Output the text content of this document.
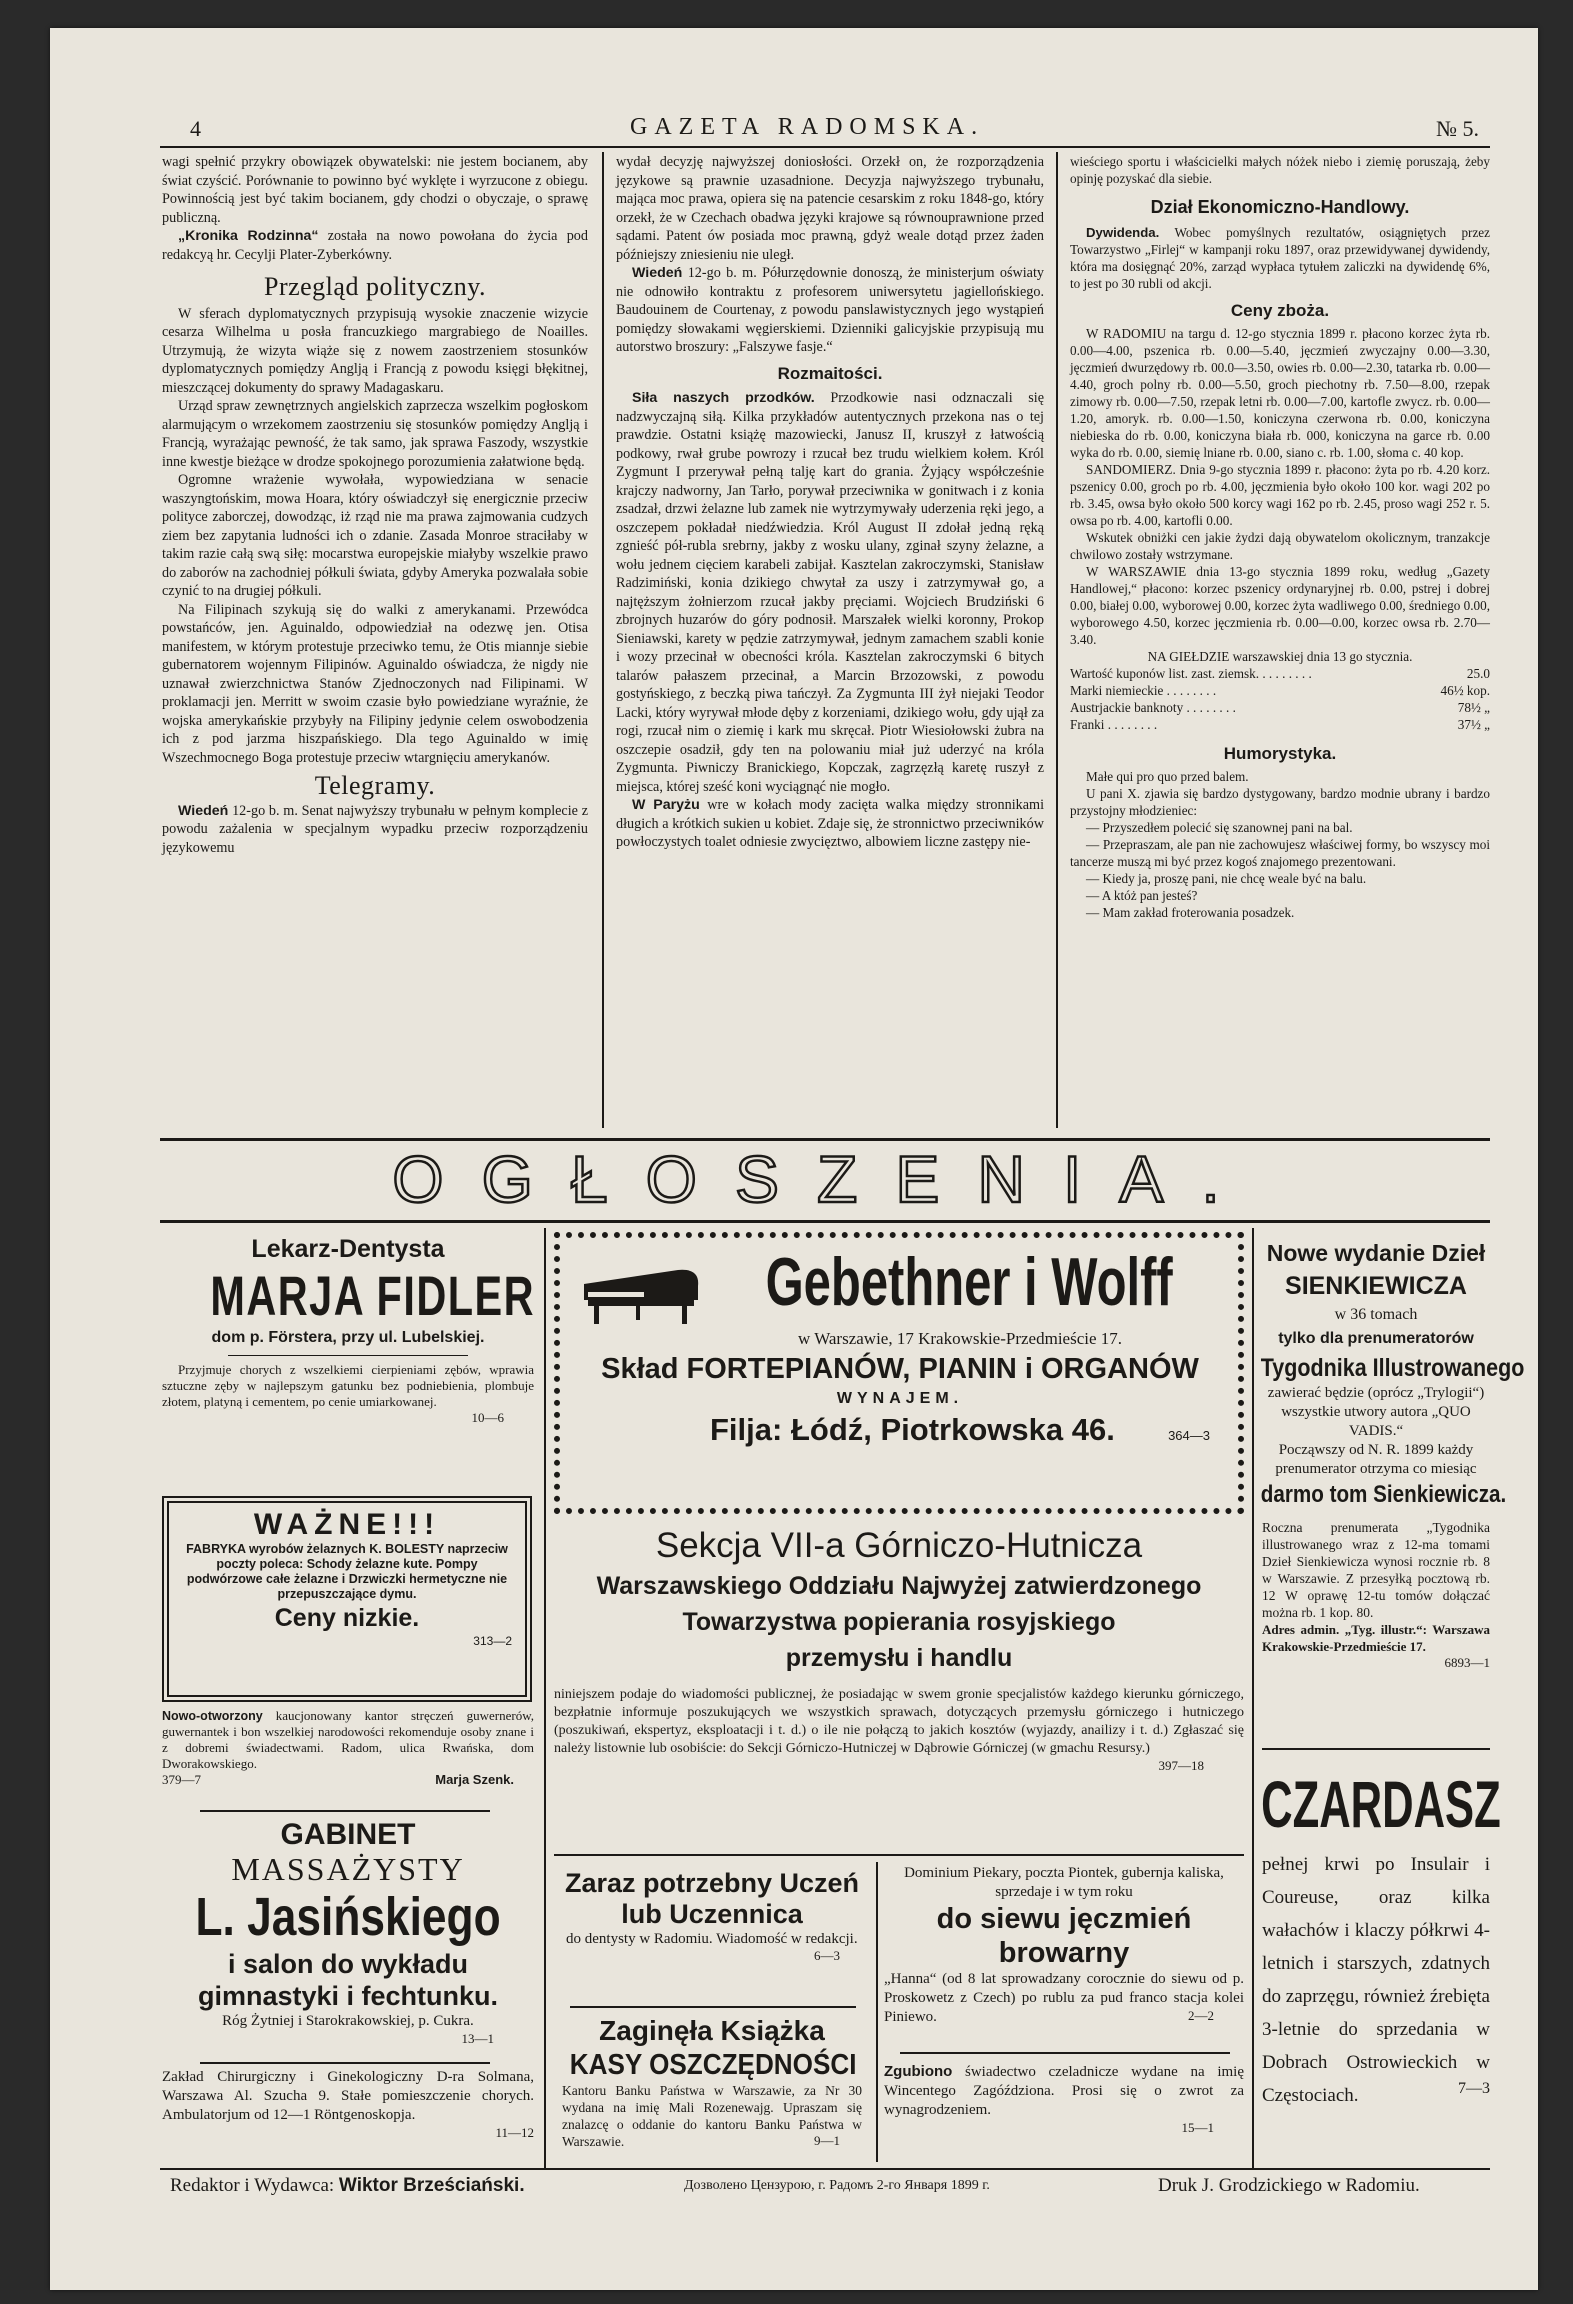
4	GAZETA RADOMSKA.	№ 5.

wagi spełnić przykry obowiązek obywatelski: nie jestem bocianem, aby świat czyścić. Porównanie to powinno być wyklęte i wyrzucone z obiegu. Powinnością jest być takim bocianem, gdy chodzi o obyczaje, o sprawę publiczną.

„Kronika Rodzinna“ została na nowo powołana do życia pod redakcyą hr. Cecylji Plater-Zyberkówny.

Przegląd polityczny.

W sferach dyplomatycznych przypisują wysokie znaczenie wizycie cesarza Wilhelma u posła francuzkiego margrabiego de Noailles. Utrzymują, że wizyta wiąże się z nowem zaostrzeniem stosunków dyplomatycznych pomiędzy Anglją i Francją z powodu księgi błękitnej, mieszczącej dokumenty do sprawy Madagaskaru.

Urząd spraw zewnętrznych angielskich zaprzecza wszelkim pogłoskom alarmującym o wrzekomem zaostrzeniu się stosunków pomiędzy Anglją i Francją, wyrażając pewność, że tak samo, jak sprawa Faszody, wszystkie inne kwestje bieżące w drodze spokojnego porozumienia załatwione będą.

Ogromne wrażenie wywołała, wypowiedziana w senacie waszyngtońskim, mowa Hoara, który oświadczył się energicznie przeciw polityce zaborczej, dowodząc, iż rząd nie ma prawa zajmowania cudzych ziem bez zapytania ludności ich o zdanie. Zasada Monroe straciłaby w takim razie całą swą siłę: mocarstwa europejskie miałyby wszelkie prawo do zaborów na zachodniej półkuli świata, gdyby Ameryka pozwalała sobie czynić to na drugiej półkuli.

Na Filipinach szykują się do walki z amerykanami. Przewódca powstańców, jen. Aguinaldo, odpowiedział na odezwę jen. Otisa manifestem, w którym protestuje przeciwko temu, że Otis miannje siebie gubernatorem wojennym Filipinów. Aguinaldo oświadcza, że nigdy nie uznawał zwierzchnictwa Stanów Zjednoczonych nad Filipinami. W proklamacji jen. Merritt w swoim czasie było powiedziane wyraźnie, że wojska amerykańskie przybyły na Filipiny jedynie celem oswobodzenia ich z pod jarzma hiszpańskiego. Dla tego Aguinaldo w imię Wszechmocnego Boga protestuje przeciw wtargnięciu amerykanów.

Telegramy.

Wiedeń 12-go b. m. Senat najwyższy trybunału w pełnym komplecie z powodu zażalenia w specjalnym wypadku przeciw rozporządzeniu językowemu

wydał decyzję najwyższej doniosłości. Orzekł on, że rozporządzenia językowe są prawnie uzasadnione. Decyzja najwyższego trybunału, mająca moc prawa, opiera się na patencie cesarskim z roku 1848-go, który orzekł, że w Czechach obadwa języki krajowe są równouprawnione przed sądami. Patent ów posiada moc prawną, gdyż weale dotąd przez żaden późniejszy zniesieniu nie uległ.

Wiedeń 12-go b. m. Półurzędownie donoszą, że ministerjum oświaty nie odnowiło kontraktu z profesorem uniwersytetu jagiellońskiego. Baudouinem de Courtenay, z powodu panslawistycznych jego wystąpień pomiędzy słowakami węgierskiemi. Dzienniki galicyjskie przypisują mu autorstwo broszury: „Falszywe fasje.“

Rozmaitości.

Siła naszych przodków. Przodkowie nasi odznaczali się nadzwyczajną siłą. Kilka przykładów autentycznych przekona nas o tej prawdzie. Ostatni książę mazowiecki, Janusz II, kruszył z łatwością podkowy, rwał grube powrozy i rzucał bez trudu wielkiem kołem. Król Zygmunt I przerywał pełną talję kart do grania. Żyjący współcześnie krajczy nadworny, Jan Tarło, porywał przeciwnika w gonitwach i z konia zsadzał, drzwi żelazne lub zamek nie wytrzymywały uderzenia ręki jego, a oszczepem pokładał niedźwiedzia. Król August II zdołał jedną ręką zgnieść pół-rubla srebrny, jakby z wosku ulany, zginał szyny żelazne, a wołu jednem cięciem karabeli zabijał. Kasztelan zakroczymski, Stanisław Radzimiński, konia dzikiego chwytał za uszy i zatrzymywał go, a najtęższym żołnierzom rzucał jakby pręciami. Wojciech Brudziński 6 zbrojnych huzarów do góry podnosił. Marszałek wielki koronny, Prokop Sieniawski, karety w pędzie zatrzymywał, jednym zamachem szabli konie i wozy przecinał w obecności króla. Kasztelan zakroczymski 6 bitych talarów pałaszem przecinał, a Marcin Brzozowski, z powodu gostyńskiego, z beczką piwa tańczył. Za Zygmunta III żył niejaki Teodor Lacki, który wyrywał młode dęby z korzeniami, dzikiego wołu, gdy ujął za rogi, rzucał nim o ziemię i kark mu skręcał. Piotr Wiesiołowski żubra na oszczepie osadził, gdy ten na polowaniu miał już uderzyć na króla Zygmunta. Piwniczy Branickiego, Kopczak, zagrzęzłą karetę ruszył z miejsca, której sześć koni wyciągnąć nie mogło.

W Paryżu wre w kołach mody zacięta walka między stronnikami długich a krótkich sukien u kobiet. Zdaje się, że stronnictwo przeciwników powłoczystych toalet odniesie zwycięztwo, albowiem liczne zastępy nie-

wieściego sportu i właścicielki małych nóżek niebo i ziemię poruszają, żeby opinję pozyskać dla siebie.

Dział Ekonomiczno-Handlowy.

Dywidenda. Wobec pomyślnych rezultatów, osiągniętych przez Towarzystwo „Firlej“ w kampanji roku 1897, oraz przewidywanej dywidendy, która ma dosięgnąć 20%, zarząd wypłaca tytułem zaliczki na dywidendę 6%, to jest po 30 rubli od akcji.

Ceny zboża.

W RADOMIU na targu d. 12-go stycznia 1899 r. płacono korzec żyta rb. 0.00—4.00, pszenica rb. 0.00—5.40, jęczmień zwyczajny 0.00—3.30, jęczmień dwurzędowy rb. 00.0—3.50, owies rb. 0.00—2.30, tatarka rb. 0.00—4.40, groch polny rb. 0.00—5.50, groch piechotny rb. 7.50—8.00, rzepak zimowy rb. 0.00—7.50, rzepak letni rb. 0.00—7.00, kartofle zwycz. rb. 0.00—1.20, amoryk. rb. 0.00—1.50, koniczyna czerwona rb. 0.00, koniczyna niebieska do rb. 0.00, koniczyna biała rb. 000, koniczyna na garce rb. 0.00 wyka do rb. 0.00, siemię lniane rb. 0.00, siano c. rb. 1.00, słoma c. 40 kop.

SANDOMIERZ. Dnia 9-go stycznia 1899 r. płacono: żyta po rb. 4.20 korz. pszenicy 0.00, groch po rb. 4.00, jęczmienia było około 100 kor. wagi 202 po rb. 3.45, owsa było około 500 korcy wagi 162 po rb. 2.45, proso wagi 252 r. 5. owsa po rb. 4.00, kartofli 0.00.

Wskutek obniżki cen jakie żydzi dają obywatelom okolicznym, tranzakcje chwilowo zostały wstrzymane.

W WARSZAWIE dnia 13-go stycznia 1899 roku, według „Gazety Handlowej,“ płacono: korzec pszenicy ordynaryjnej rb. 0.00, pstrej i dobrej 0.00, białej 0.00, wyborowej 0.00, korzec żyta wadliwego 0.00, średniego 0.00, wyborowego 4.50, korzec jęczmienia rb. 0.00—0.00, korzec owsa rb. 2.70—3.40.

NA GIEŁDZIE warszawskiej dnia 13 go stycznia.

Wartość kuponów list. zast. ziemsk. . . . . . . . .	25.0
Marki niemieckie . . . . . . . .	46½ kop.
Austrjackie banknoty . . . . . . . .	78½ „
Franki . . . . . . . .	37½ „
Humorystyka.

Małe qui pro quo przed balem.

U pani X. zjawia się bardzo dystygowany, bardzo modnie ubrany i bardzo przystojny młodzieniec:

— Przyszedłem polecić się szanownej pani na bal.

— Przepraszam, ale pan nie zachowujesz właściwej formy, bo wszyscy moi tancerze muszą mi być przez kogoś znajomego prezentowani.

— Kiedy ja, proszę pani, nie chcę weale być na balu.

— A któż pan jesteś?

— Mam zakład froterowania posadzek.

OGŁOSZENIA.

Lekarz-Dentysta

MARJA FIDLER

dom p. Förstera, przy ul. Lubelskiej.

Przyjmuje chorych z wszelkiemi cierpieniami zębów, wprawia sztuczne zęby w najlepszym gatunku bez podniebienia, plombuje złotem, platyną i cementem, po cenie umiarkowanej.

10—6

WAŻNE!!!

FABRYKA wyrobów żelaznych K. BOLESTY naprzeciw poczty poleca: Schody żelazne kute. Pompy podwórzowe całe żelazne i Drzwiczki hermetyczne nie przepuszczające dymu.

Ceny nizkie.

313—2

Nowo-otworzony kaucjonowany kantor stręczeń guwernerów, guwernantek i bon wszelkiej narodowości rekomenduje osoby znane i z dobremi świadectwami. Radom, ulica Rwańska, dom Dworakowskiego.

379—7	Marja Szenk.

GABINET

MASSAŻYSTY

L. Jasińskiego

i salon do wykładu gimnastyki i fechtunku.

Róg Żytniej i Starokrakowskiej, p. Cukra.

13—1

Zakład Chirurgiczny i Ginekologiczny D-ra Solmana, Warszawa Al. Szucha 9. Stałe pomieszczenie chorych. Ambulatorjum od 12—1 Röntgenoskopja.

11—12

Gebethner i Wolff

w Warszawie, 17 Krakowskie-Przedmieście 17.

Skład FORTEPIANÓW, PIANIN i ORGANÓW

WYNAJEM.

Filja: Łódź, Piotrkowska 46.	364—3

Sekcja VII-a Górniczo-Hutnicza

Warszawskiego Oddziału Najwyżej zatwierdzonego

Towarzystwa popierania rosyjskiego

przemysłu i handlu

niniejszem podaje do wiadomości publicznej, że posiadając w swem gronie specjalistów każdego kierunku górniczego, bezpłatnie informuje poszukujących we wszystkich sprawach, dotyczących przemysłu górniczego i hutniczego (poszukiwań, ekspertyz, eksploatacji i t. d.) o ile nie połączą to jakich kosztów (wyjazdy, anailizy i t. d.) Zgłaszać się należy listownie lub osobiście: do Sekcji Górniczo-Hutniczej w Dąbrowie Górniczej (w gmachu Resursy.)

397—18

Zaraz potrzebny Uczeń lub Uczennica

do dentysty w Radomiu. Wiadomość w redakcji.

6—3

Zaginęła Książka

KASY OSZCZĘDNOŚCI

Kantoru Banku Państwa w Warszawie, za Nr 30 wydana na imię Mali Rozenewajg. Upraszam się znalazcę o oddanie do kantoru Banku Państwa w Warszawie.	9—1

Dominium Piekary, poczta Piontek, gubernja kaliska, sprzedaje i w tym roku

do siewu jęczmień browarny

„Hanna“ (od 8 lat sprowadzany corocznie do siewu od p. Proskowetz z Czech) po rublu za pud franco stacja kolei Piniewo.	2—2

Zgubiono świadectwo czeladnicze wydane na imię Wincentego Zagóździona. Prosi się o zwrot za wynagrodzeniem.

15—1

Nowe wydanie Dzieł

SIENKIEWICZA

w 36 tomach

tylko dla prenumeratorów

Tygodnika Illustrowanego

zawierać będzie (oprócz „Trylogii“) wszystkie utwory autora „QUO VADIS.“

Począwszy od N. R. 1899 każdy prenumerator otrzyma co miesiąc

darmo tom Sienkiewicza.

Roczna prenumerata „Tygodnika illustrowanego wraz z 12-ma tomami Dzieł Sienkiewicza wynosi rocznie rb. 8 w Warszawie. Z przesyłką pocztową rb. 12 W oprawę 12-tu tomów dołączać można rb. 1 kop. 80.

Adres admin. „Tyg. illustr.“: Warszawa Krakowskie-Przedmieście 17.

6893—1

CZARDASZ

pełnej krwi po Insulair i Coureuse, oraz kilka wałachów i klaczy półkrwi 4-letnich i starszych, zdatnych do zaprzęgu, również źrebięta 3-letnie do sprzedania w Dobrach Ostrowieckich w Częstociach.	7—3

Redaktor i Wydawca: Wiktor Brześciański.	Дозволено Цензурою, г. Радомъ 2-го Января 1899 г.	Druk J. Grodzickiego w Radomiu.
